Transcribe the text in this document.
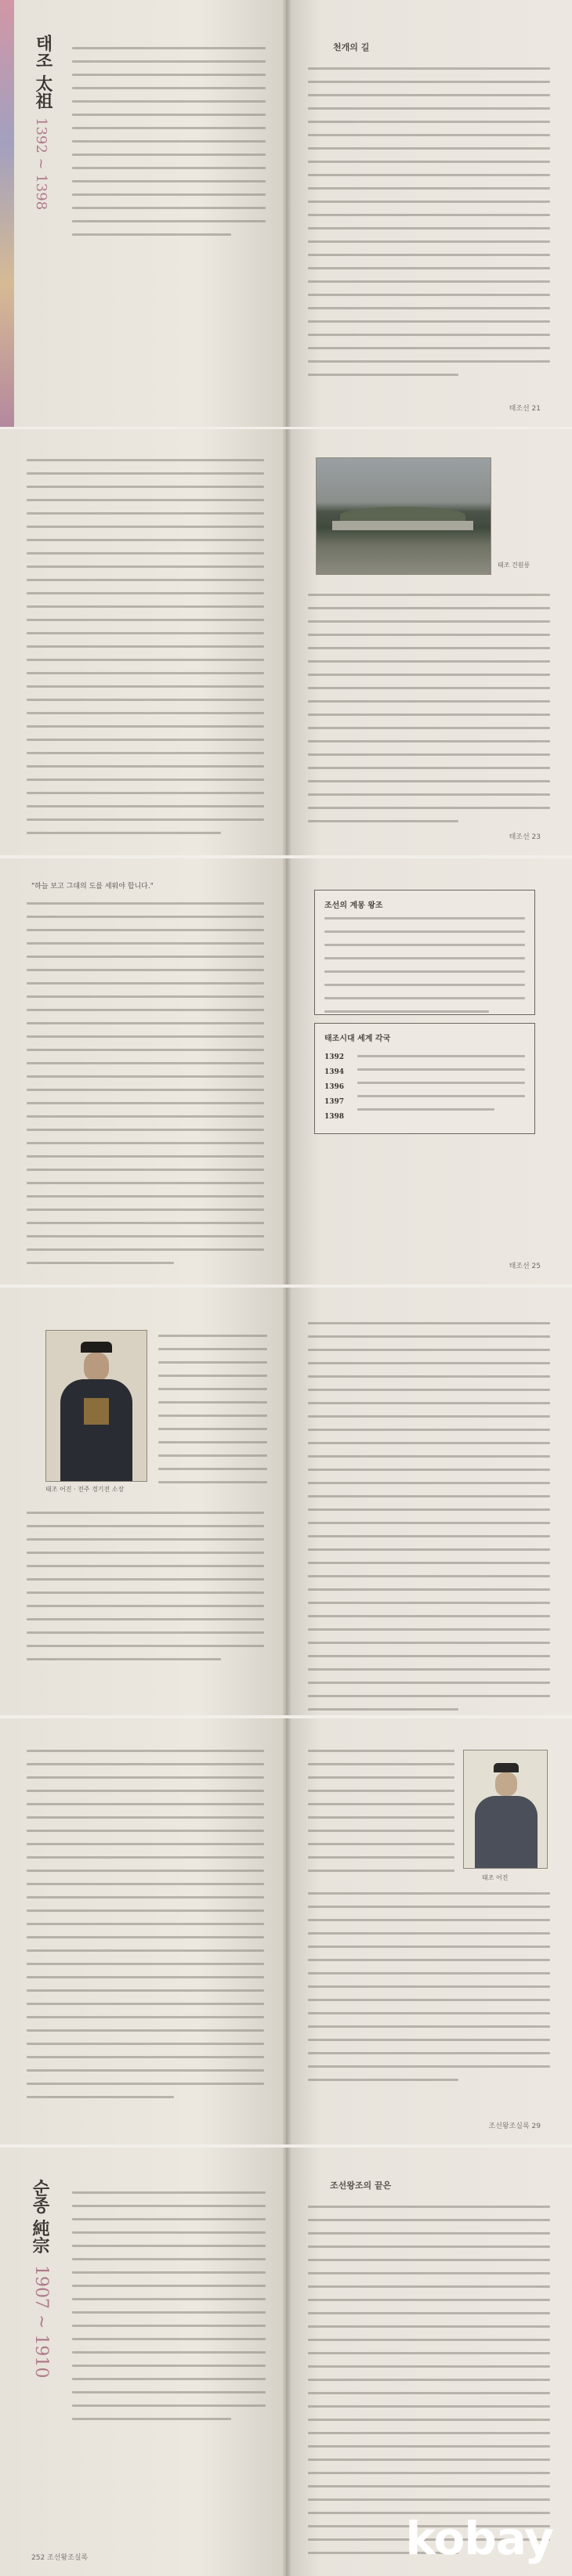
태조 太祖
1392 ~ 1398
천개의 길
태조선 21
태조 건원릉
태조선 23
"하늘 보고 그대의 도를 세워야 합니다."
조선의 계몽 왕조
태조시대 세계 각국
1392
1394
1396
1397
1398
태조선 25
태조 어진 · 전주 경기전 소장
태조 어진
조선왕조실록 29
순종 純宗
1907 ~ 1910
252 조선왕조실록
조선왕조의 끝은
kobay
